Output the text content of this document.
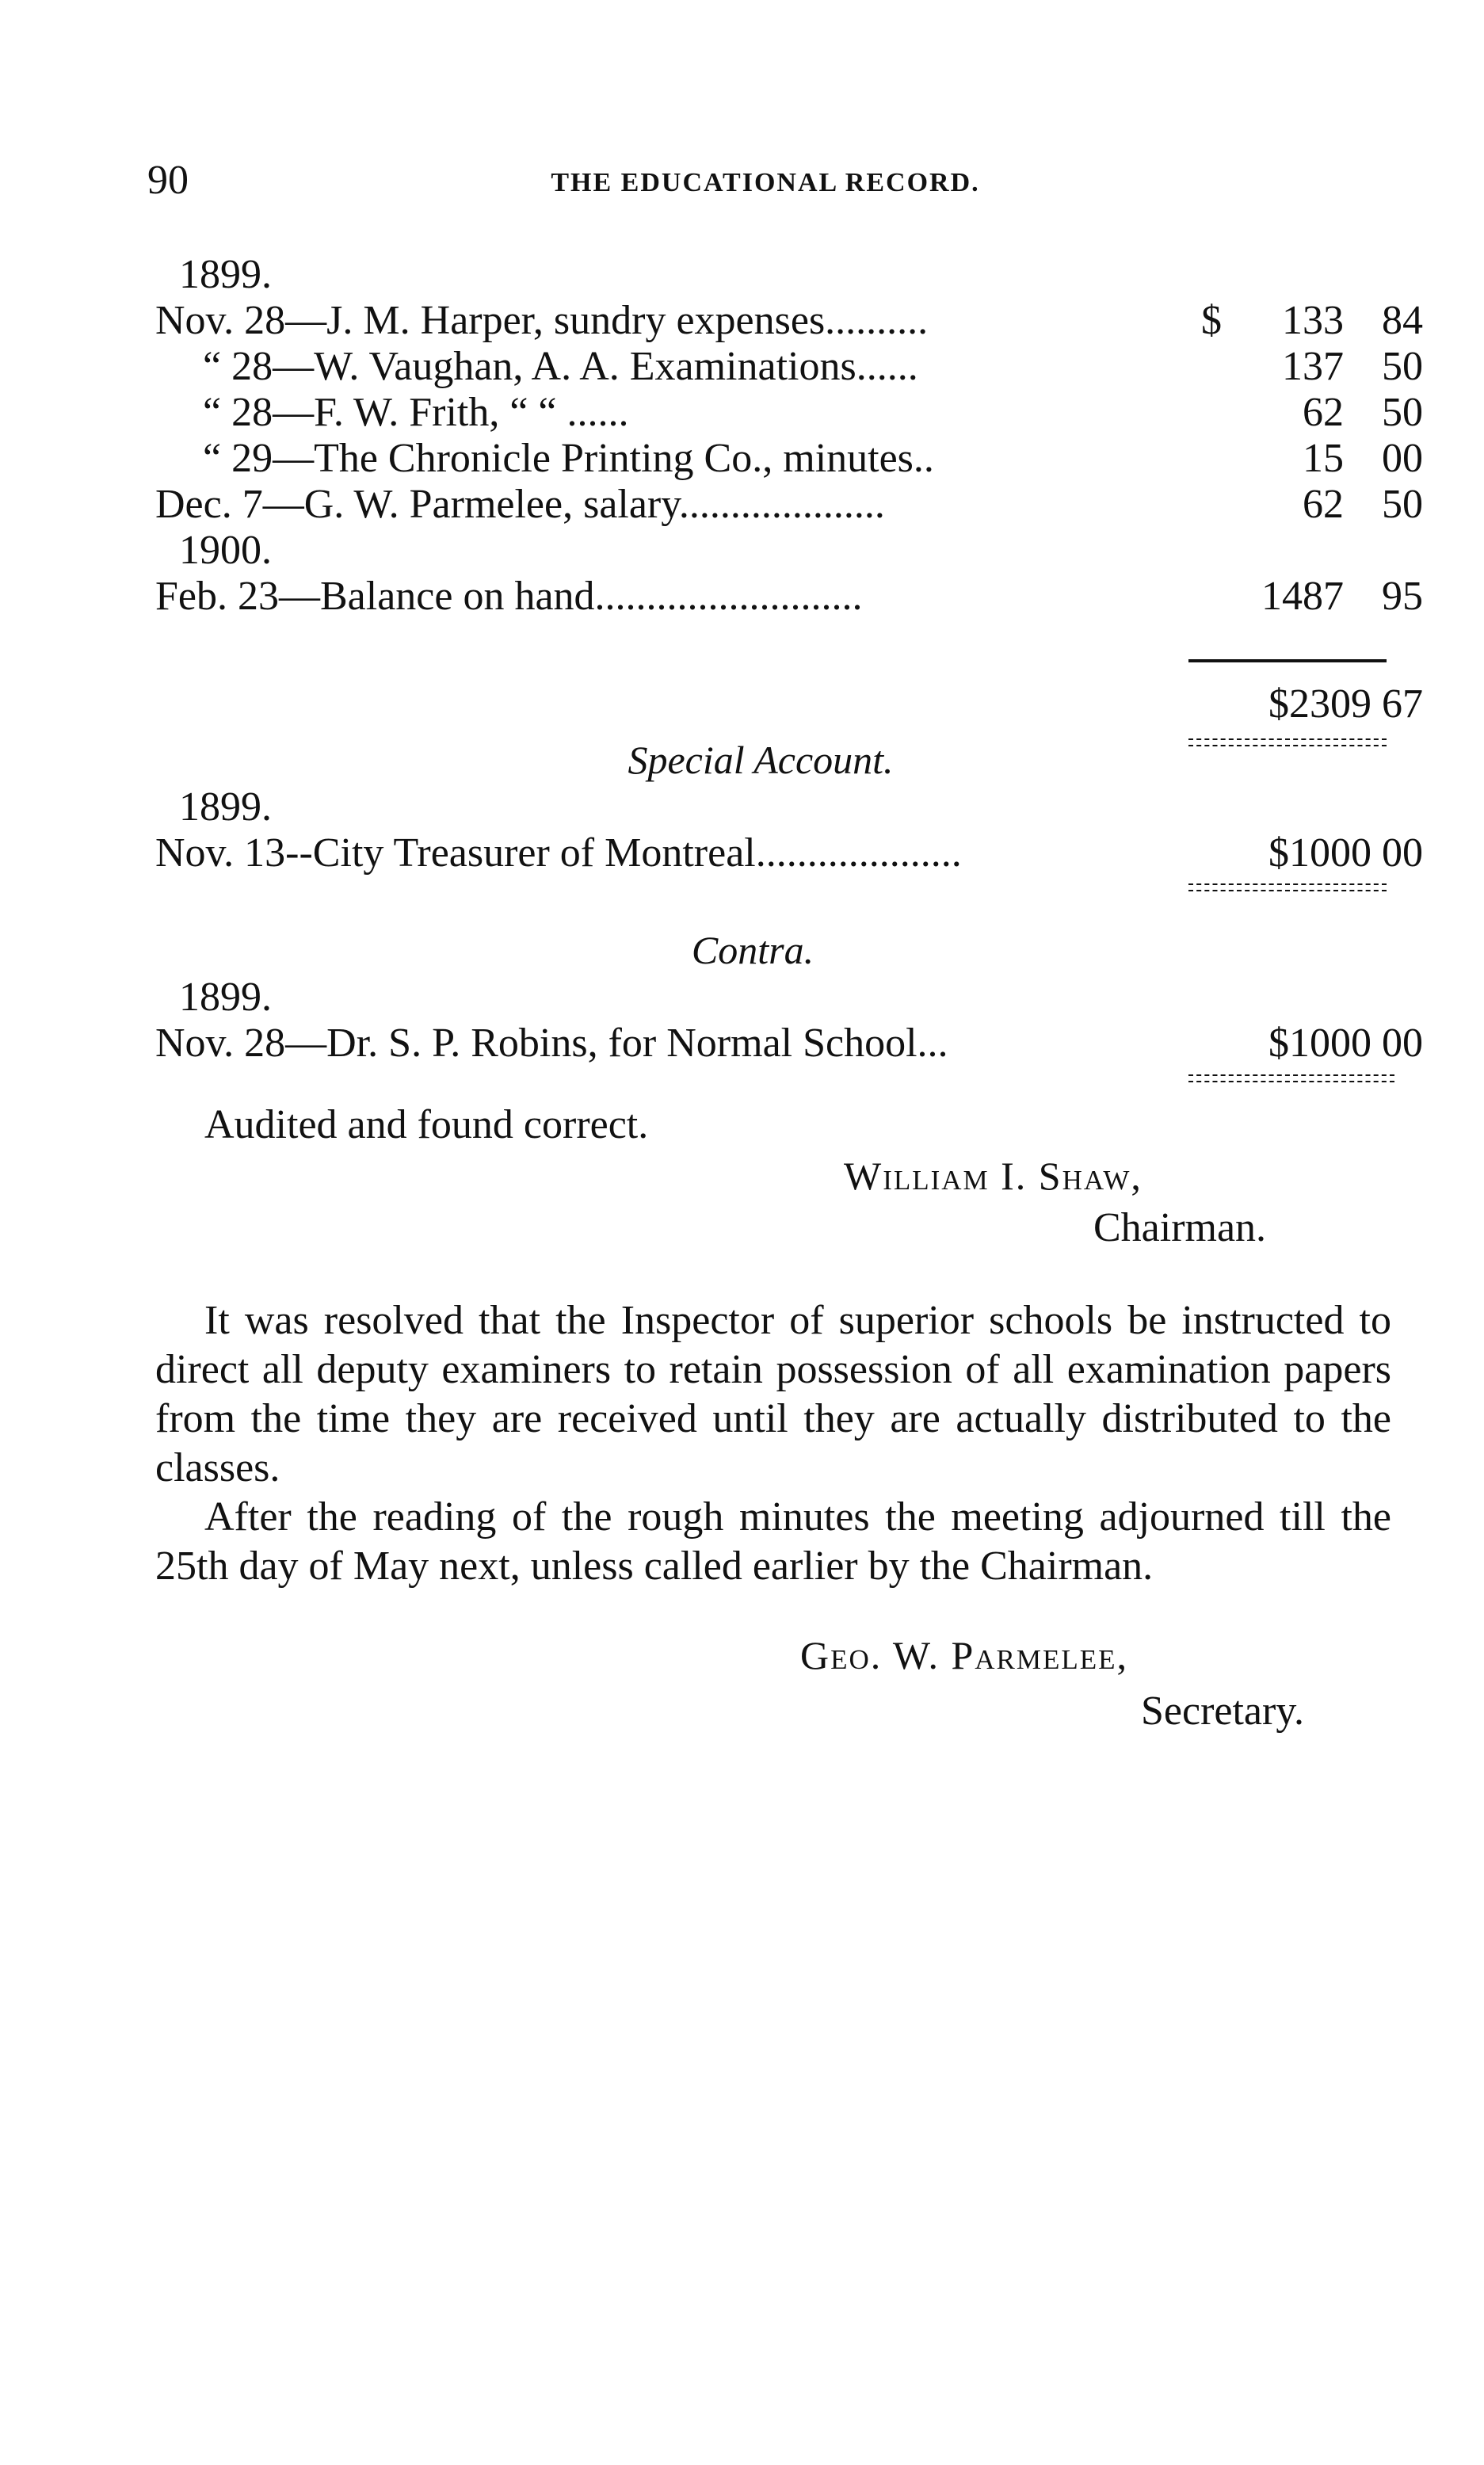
90	THE EDUCATIONAL RECORD.
1899.
Nov. 28—J. M. Harper, sundry expenses..........	$	133 84
“ 28—W. Vaughan, A. A. Examinations......	137 50
“ 28—F. W. Frith, “ “ ......	62 50
“ 29—The Chronicle Printing Co., minutes..	15 00
Dec. 7—G. W. Parmelee, salary....................	62 50
1900.
Feb. 23—Balance on hand..........................	1487 95
$2309 67
Special Account.
1899.
Nov. 13--City Treasurer of Montreal....................	$1000 00
Contra.
1899.
Nov. 28—Dr. S. P. Robins, for Normal School...	$1000 00
Audited and found correct.
William I. Shaw,
Chairman.

It was resolved that the Inspector of superior schools be instructed to direct all deputy examiners to retain possession of all examination papers from the time they are received until they are actually distributed to the classes.

After the reading of the rough minutes the meeting adjourned till the 25th day of May next, unless called earlier by the Chairman.

Geo. W. Parmelee,
Secretary.
